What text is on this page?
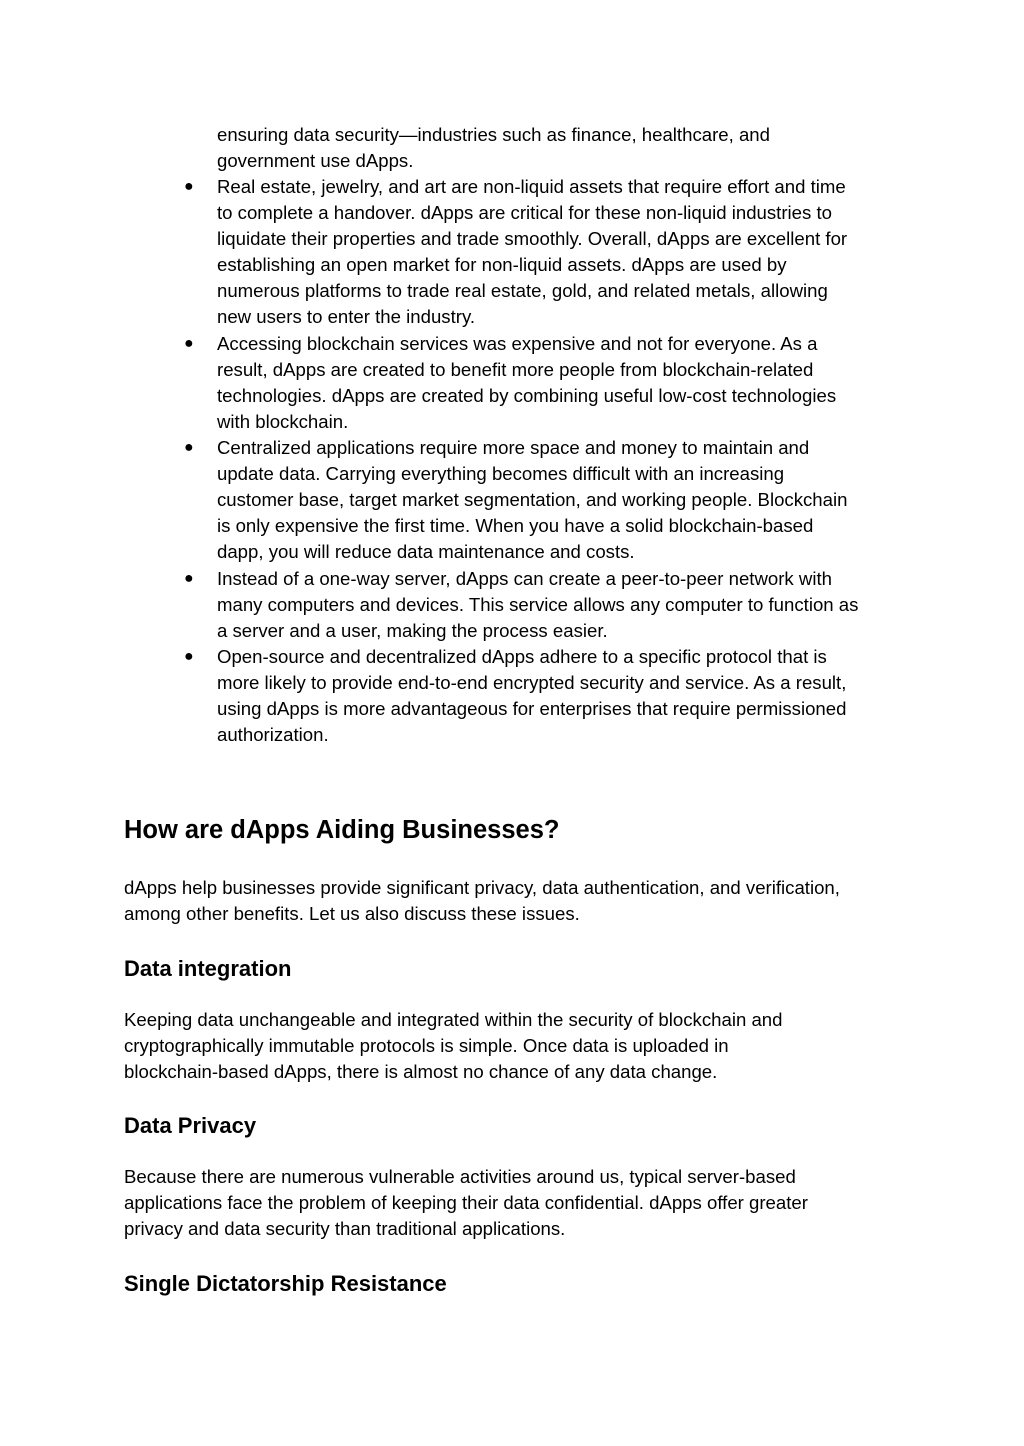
ensuring data security—industries such as finance, healthcare, and
government use dApps.
● Real estate, jewelry, and art are non-liquid assets that require effort and time
to complete a handover. dApps are critical for these non-liquid industries to
liquidate their properties and trade smoothly. Overall, dApps are excellent for
establishing an open market for non-liquid assets. dApps are used by
numerous platforms to trade real estate, gold, and related metals, allowing
new users to enter the industry.
● Accessing blockchain services was expensive and not for everyone. As a
result, dApps are created to benefit more people from blockchain-related
technologies. dApps are created by combining useful low-cost technologies
with blockchain.
● Centralized applications require more space and money to maintain and
update data. Carrying everything becomes difficult with an increasing
customer base, target market segmentation, and working people. Blockchain
is only expensive the first time. When you have a solid blockchain-based
dapp, you will reduce data maintenance and costs.
● Instead of a one-way server, dApps can create a peer-to-peer network with
many computers and devices. This service allows any computer to function as
a server and a user, making the process easier.
● Open-source and decentralized dApps adhere to a specific protocol that is
more likely to provide end-to-end encrypted security and service. As a result,
using dApps is more advantageous for enterprises that require permissioned
authorization.
How are dApps Aiding Businesses?
dApps help businesses provide significant privacy, data authentication, and verification,
among other benefits. Let us also discuss these issues.
Data integration
Keeping data unchangeable and integrated within the security of blockchain and
cryptographically immutable protocols is simple. Once data is uploaded in
blockchain-based dApps, there is almost no chance of any data change.
Data Privacy
Because there are numerous vulnerable activities around us, typical server-based
applications face the problem of keeping their data confidential. dApps offer greater
privacy and data security than traditional applications.
Single Dictatorship Resistance
